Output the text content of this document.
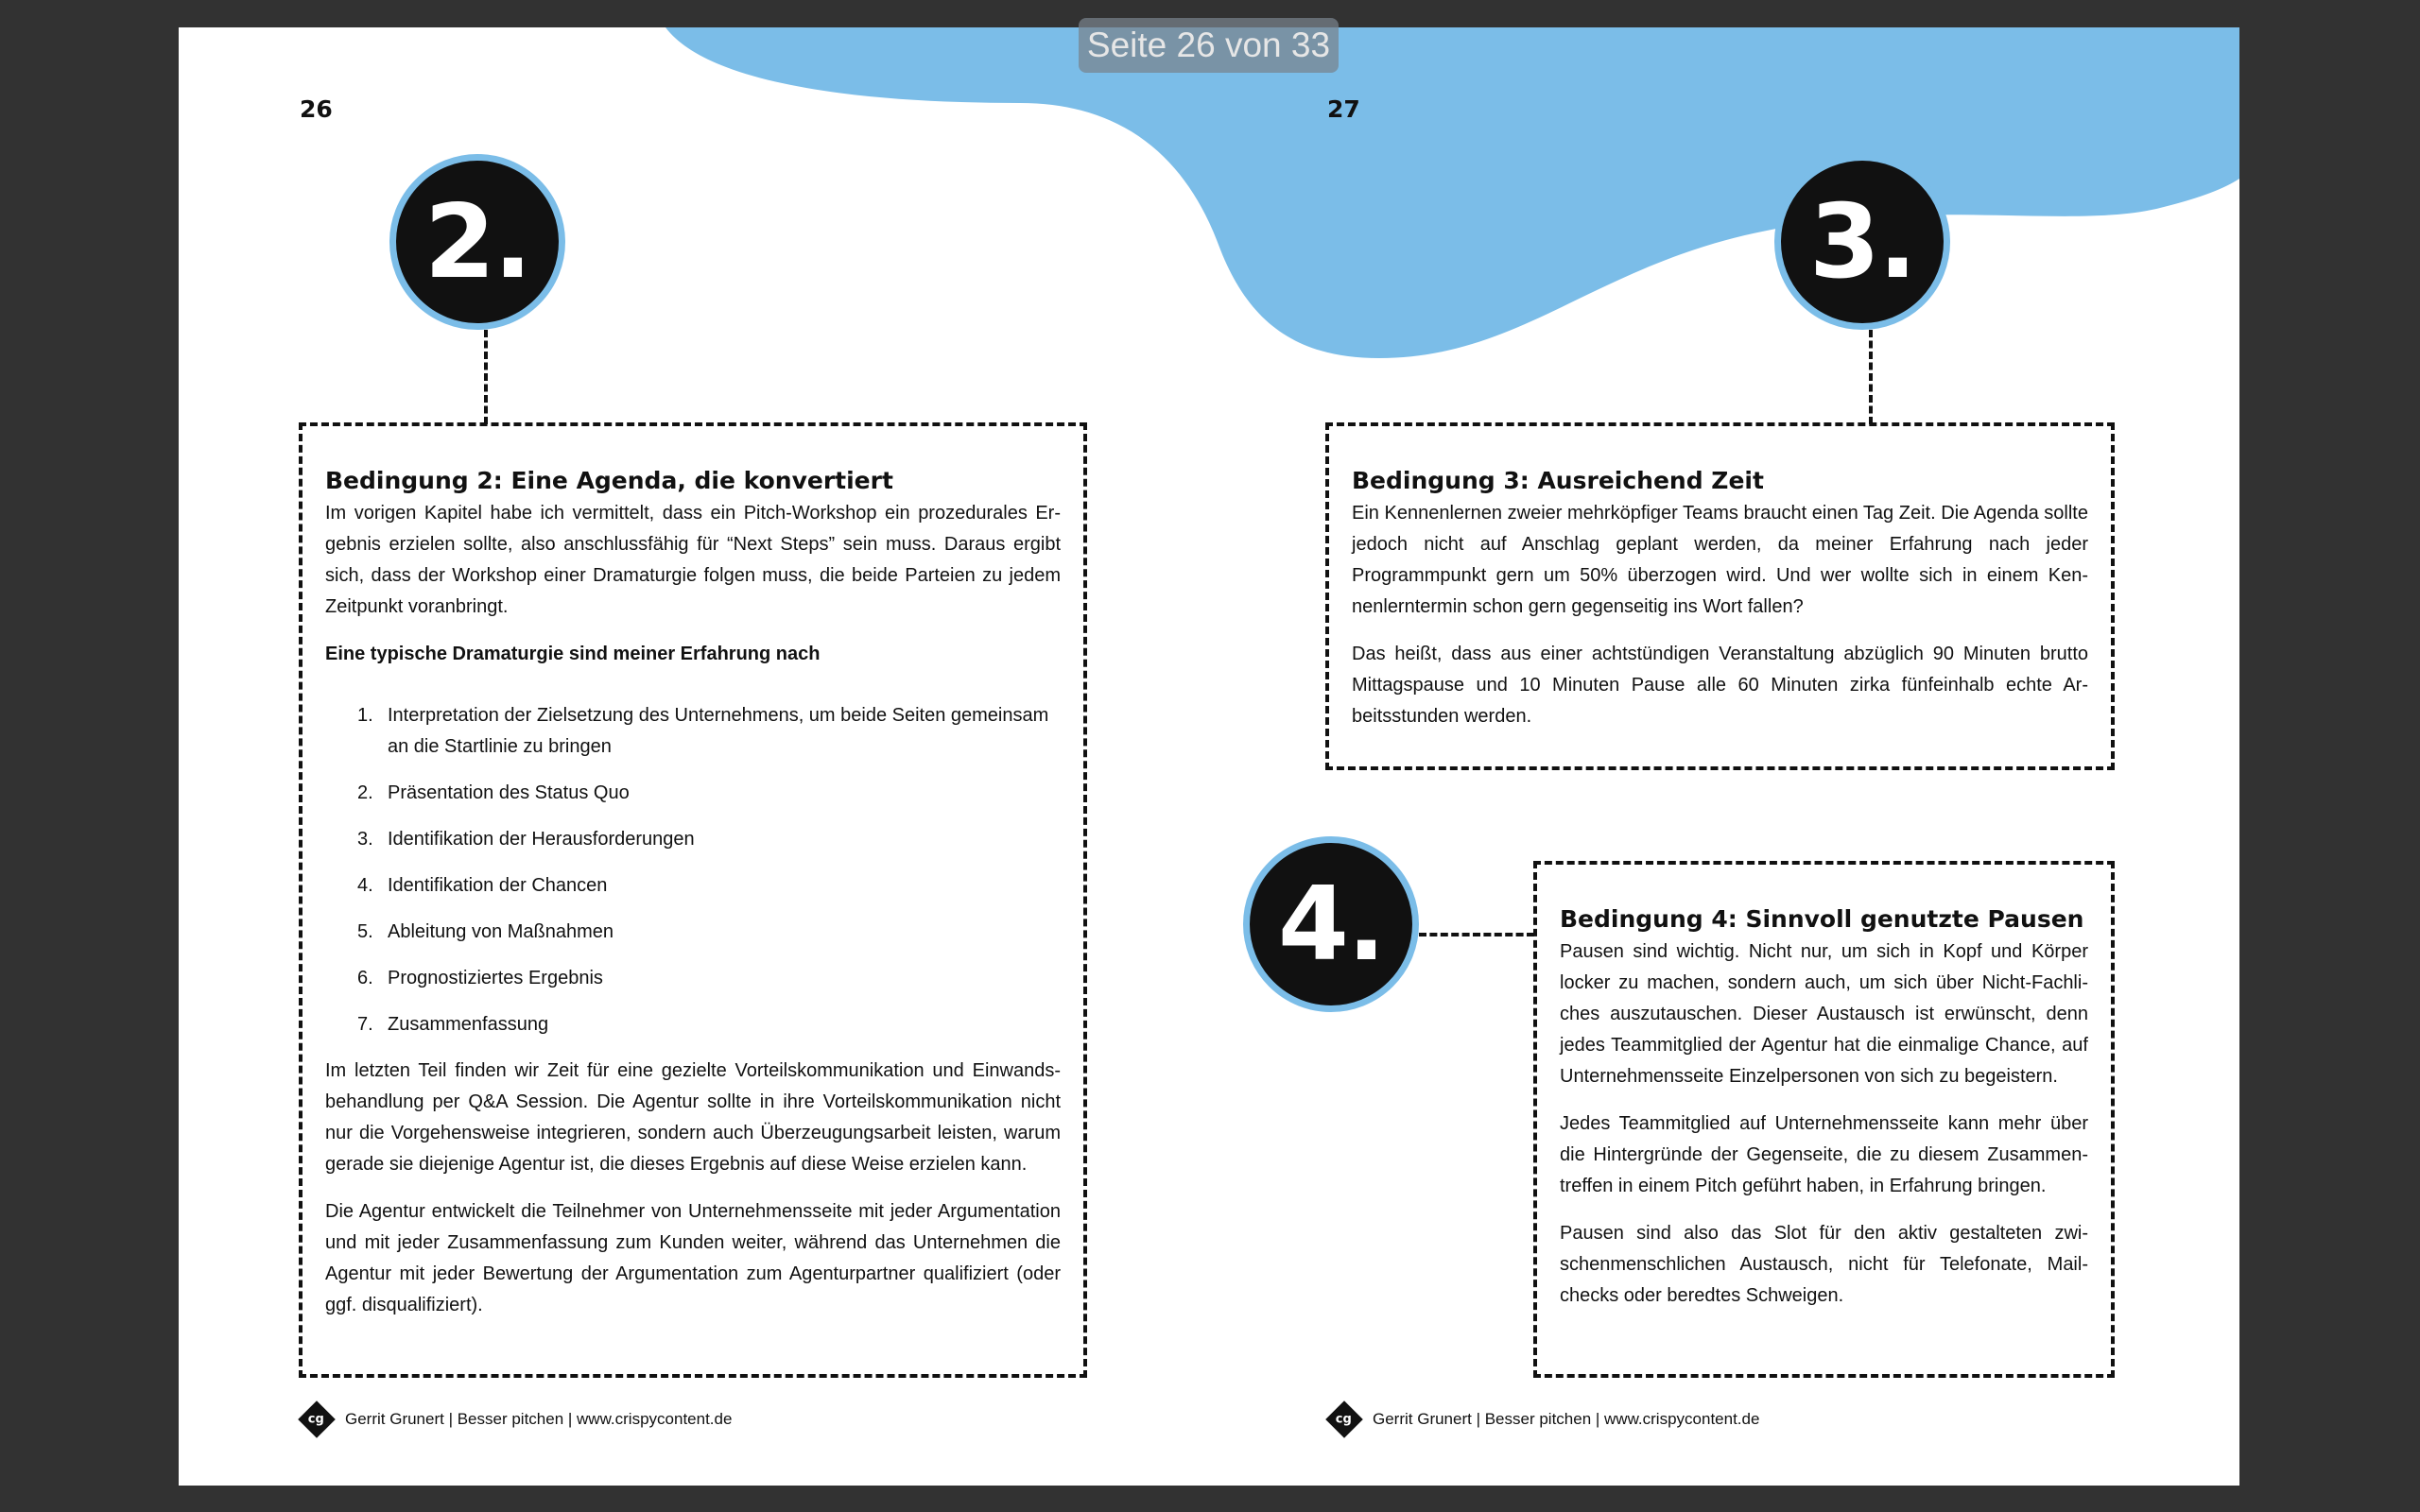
26
2.
Bedingung 2: Eine Agenda, die konvertiert

Im vorigen Kapitel habe ich vermittelt, dass ein Pitch-Workshop ein prozedurales Ergebnis erzielen sollte, also anschlussfähig für “Next Steps” sein muss. Daraus ergibt sich, dass der Workshop einer Dramaturgie folgen muss, die beide Parteien zu jedem Zeitpunkt voranbringt.

Eine typische Dramaturgie sind meiner Erfahrung nach

1. Interpretation der Zielsetzung des Unternehmens, um beide Seiten gemeinsam an die Startlinie zu bringen
2. Präsentation des Status Quo
3. Identifikation der Herausforderungen
4. Identifikation der Chancen
5. Ableitung von Maßnahmen
6. Prognostiziertes Ergebnis
7. Zusammenfassung

Im letzten Teil finden wir Zeit für eine gezielte Vorteilskommunikation und Einwandsbehandlung per Q&A Session. Die Agentur sollte in ihre Vorteilskommunikation nicht nur die Vorgehensweise integrieren, sondern auch Überzeugungsarbeit leisten, warum gerade sie diejenige Agentur ist, die dieses Ergebnis auf diese Weise erzielen kann.

Die Agentur entwickelt die Teilnehmer von Unternehmensseite mit jeder Argumentation und mit jeder Zusammenfassung zum Kunden weiter, während das Unternehmen die Agentur mit jeder Bewertung der Argumentation zum Agenturpartner qualifiziert (oder ggf. disqualifiziert).

cg Gerrit Grunert | Besser pitchen | www.crispycontent.de
27
3.
Bedingung 3: Ausreichend Zeit

Ein Kennenlernen zweier mehrköpfiger Teams braucht einen Tag Zeit. Die Agenda sollte jedoch nicht auf Anschlag geplant werden, da meiner Erfahrung nach jeder Programmpunkt gern um 50% überzogen wird. Und wer wollte sich in einem Kennenlerntermin schon gern gegenseitig ins Wort fallen?

Das heißt, dass aus einer achtstündigen Veranstaltung abzüglich 90 Minuten brutto Mittagspause und 10 Minuten Pause alle 60 Minuten zirka fünfeinhalb echte Arbeitsstunden werden.

4.	Bedingung 4: Sinnvoll genutzte Pausen

Pausen sind wichtig. Nicht nur, um sich in Kopf und Körper locker zu machen, sondern auch, um sich über Nicht-Fachliches auszutauschen. Dieser Austausch ist erwünscht, denn jedes Teammitglied der Agentur hat die einmalige Chance, auf Unternehmensseite Einzelpersonen von sich zu begeistern.

Jedes Teammitglied auf Unternehmensseite kann mehr über die Hintergründe der Gegenseite, die zu diesem Zusammentreffen in einem Pitch geführt haben, in Erfahrung bringen.

Pausen sind also das Slot für den aktiv gestalteten zwischenmenschlichen Austausch, nicht für Telefonate, Mailchecks oder beredtes Schweigen.

cg Gerrit Grunert | Besser pitchen | www.crispycontent.de
Seite 26 von 33
